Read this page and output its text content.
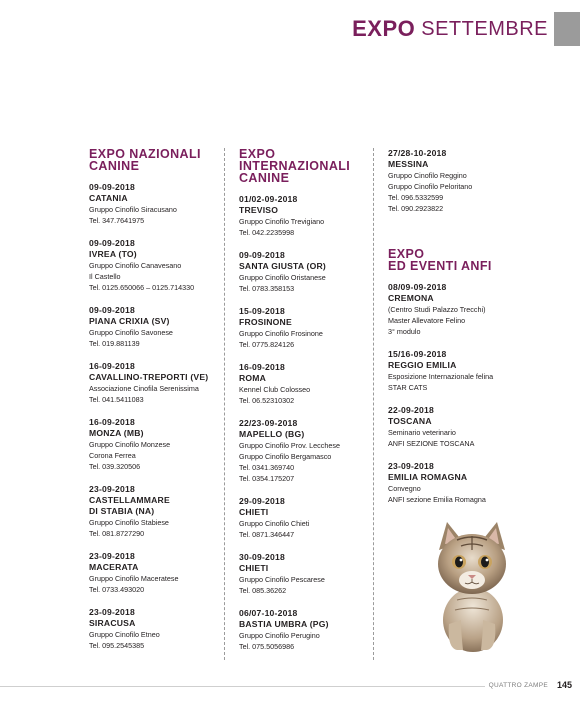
EXPO SETTEMBRE
EXPO NAZIONALI
CANINE
09-09-2018
CATANIA
Gruppo Cinofilo Siracusano
Tel. 347.7641975
09-09-2018
IVREA (TO)
Gruppo Cinofilo Canavesano
Il Castello
Tel. 0125.650066 – 0125.714330
09-09-2018
PIANA CRIXIA (SV)
Gruppo Cinofilo Savonese
Tel. 019.881139
16-09-2018
CAVALLINO-TREPORTI (VE)
Associazione Cinofila Serenissima
Tel. 041.5411083
16-09-2018
MONZA (MB)
Gruppo Cinofilo Monzese
Corona Ferrea
Tel. 039.320506
23-09-2018
CASTELLAMMARE
DI STABIA (NA)
Gruppo Cinofilo Stabiese
Tel. 081.8727290
23-09-2018
MACERATA
Gruppo Cinofilo Maceratese
Tel. 0733.493020
23-09-2018
SIRACUSA
Gruppo Cinofilo Etneo
Tel. 095.2545385
EXPO
INTERNAZIONALI
CANINE
01/02-09-2018
TREVISO
Gruppo Cinofilo Trevigiano
Tel. 042.2235998
09-09-2018
SANTA GIUSTA (OR)
Gruppo Cinofilo Oristanese
Tel. 0783.358153
15-09-2018
FROSINONE
Gruppo Cinofilo Frosinone
Tel. 0775.824126
16-09-2018
ROMA
Kennel Club Colosseo
Tel. 06.52310302
22/23-09-2018
MAPELLO (BG)
Gruppo Cinofilo Prov. Lecchese
Gruppo Cinofilo Bergamasco
Tel. 0341.369740
Tel. 0354.175207
29-09-2018
CHIETI
Gruppo Cinofilo Chieti
Tel. 0871.346447
30-09-2018
CHIETI
Gruppo Cinofilo Pescarese
Tel. 085.36262
06/07-10-2018
BASTIA UMBRA (PG)
Gruppo Cinofilo Perugino
Tel. 075.5056986
27/28-10-2018
MESSINA
Gruppo Cinofilo Reggino
Gruppo Cinofilo Peloritano
Tel. 096.5332599
Tel. 090.2923822
EXPO
ED EVENTI ANFI
08/09-09-2018
CREMONA
(Centro Studi Palazzo Trecchi)
Master Allevatore Felino
3° modulo
15/16-09-2018
REGGIO EMILIA
Esposizione Internazionale felina
STAR CATS
22-09-2018
TOSCANA
Seminario veterinario
ANFI SEZIONE TOSCANA
23-09-2018
EMILIA ROMAGNA
Convegno
ANFI sezione Emilia Romagna
QUATTRO ZAMPE 145
